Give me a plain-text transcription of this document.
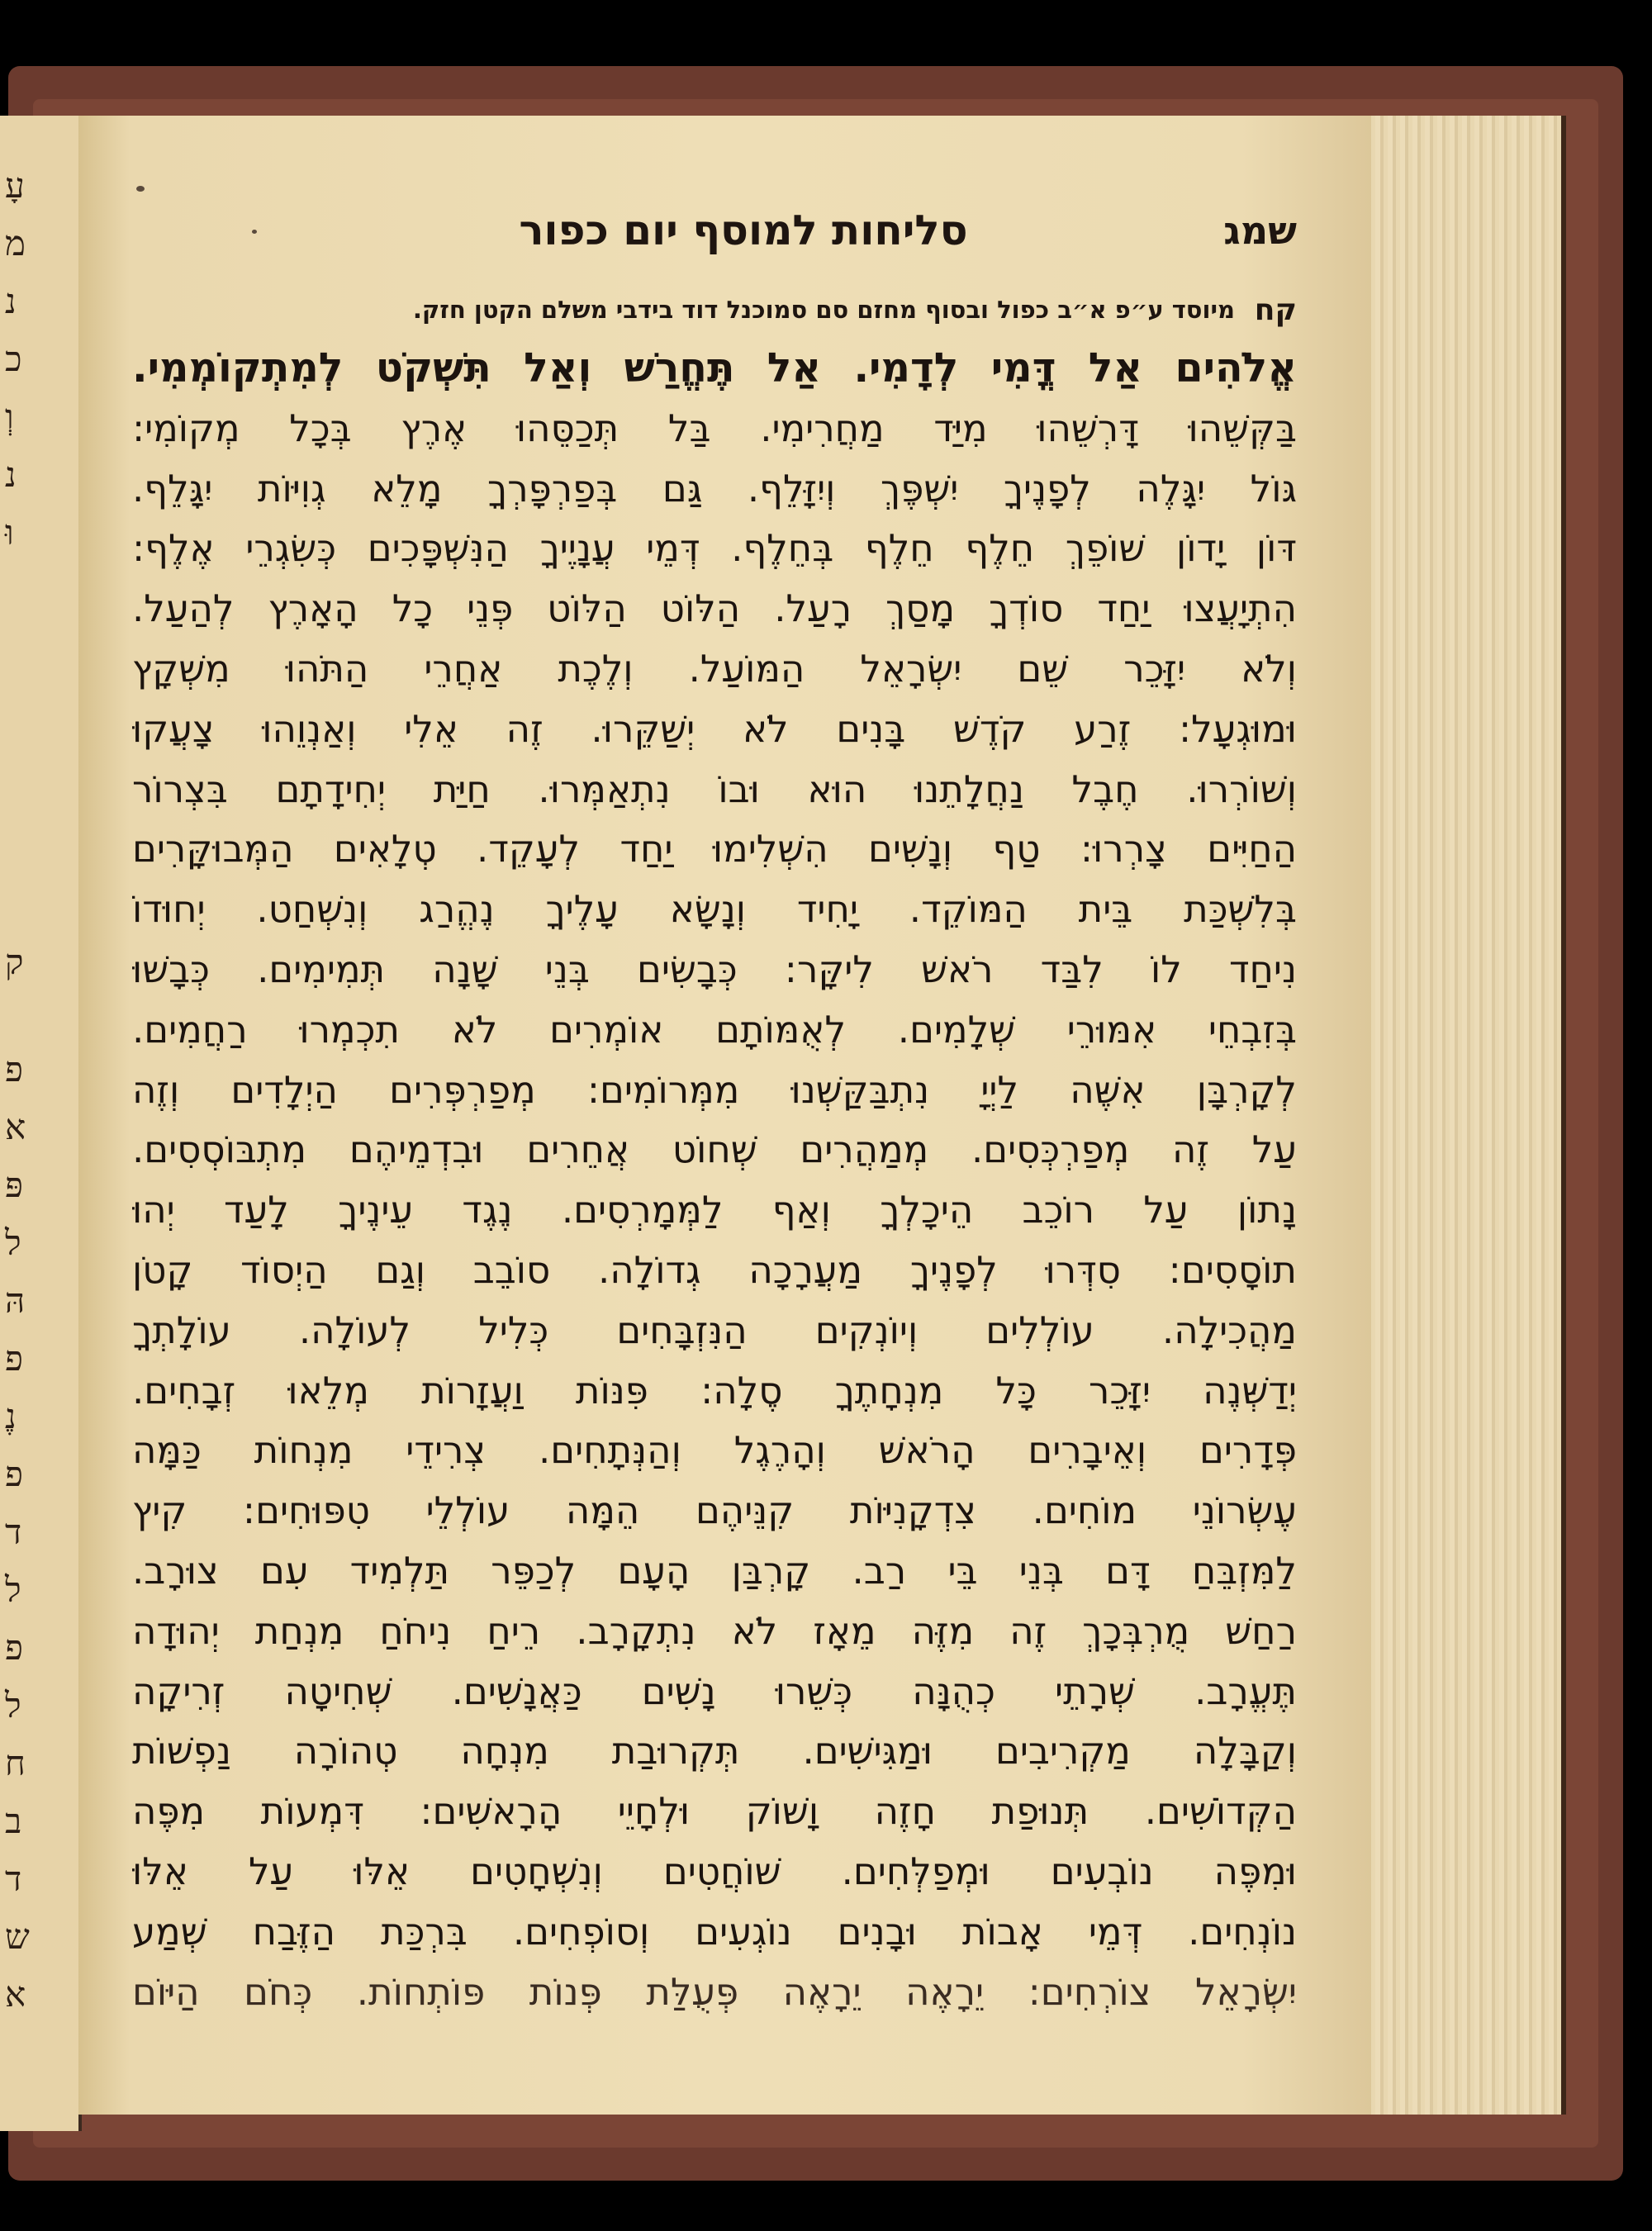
עָ
מ
נ
כ
וְ
נ
וּ
ק
פ
א
פּ
ל
הּ
פ
נֶ
פ
ד
ל
פ
ל
ח
ב
ד
ש
א
סליחות למוסף יום כפור	שמג
קח
מיוסד ע״פ א״ב כפול ובסוף מחזם סם סמוכנל דוד בידבי משלם הקטן חזק.
אֱלֹהִים אַל דֳּמִי לְדָמִי. אַל תֶּחֱרַשׁ וְאַל תִּשְׁקֹט לְמִתְקוֹמְמִי.
בַּקְּשֵׁהוּ דָּרְשֵׁהוּ מִיַּד מַחֲרִימִי. בַּל תְּכַסֵּהוּ אֶרֶץ בְּכָל מְקוֹמִי:
גּוֹל יִגָּלֶה לְפָנֶיךָ יִשְׁפֶּךְ וְיִזָּלֵף. גַּם בְּפַרְפָּרְךָ מָלֵא גְוִיּוֹת יִגָּלֵף.
דּוֹן יָדוֹן שׁוֹפֵךְ חֵלֶף חֵלֶף בְּחֵלֶף. דְּמֵי עֲנָיֶיךָ הַנִּשְׁפָּכִים כְּשִׂגְרֵי אֶלֶף:
הִתְיָעֲצוּ יַחַד סוֹדְךָ מָסַךְ רָעַל. הַלּוֹט הַלּוֹט פְּנֵי כָל הָאָרֶץ לְהַעַל.
וְלֹא יִזָּכֵר שֵׁם יִשְׂרָאֵל הַמּוֹעַל. וְלֶכֶת אַחֲרֵי הַתֹּהוּ מִשְׁקָץ
וּמוּגְעָל: זֶרַע קֹדֶשׁ בָּנִים לֹא יְשַׁקֵּרוּ. זֶה אֵלִי וְאַנְוֵהוּ צָעֲקוּ
וְשׁוֹרְרוּ. חֶבֶל נַחֲלָתֵנוּ הוּא וּבוֹ נִתְאַמְּרוּ. חַיַּת יְחִידָתָם בִּצְרוֹר
הַחַיִּים צָרְרוּ: טַף וְנָשִׁים הִשְׁלִימוּ יַחַד לְעָקֵד. טְלָאִים הַמְּבוּקָּרִים
בְּלִשְׁכַּת בֵּית הַמּוֹקֵד. יָחִיד וְנָשָׂא עָלֶיךָ נֶהֱרַג וְנִשְׁחַט. יְחוּדוֹ
נִיחַד לוֹ לִבַּד רֹאשׁ לִיקָּר: כְּבָשִׂים בְּנֵי שָׁנָה תְּמִימִים. כְּבָשׁוּ
בְּזִבְחֵי אִמּוּרֵי שְׁלָמִים. לְאֻמּוֹתָם אוֹמְרִים לֹא תִכְמְרוּ רַחֲמִים.
לְקָרְבָּן אִשֶּׁה לַיְיָ נִתְבַּקַּשְׁנוּ מִמְּרוֹמִים: מְפַרְפְּרִים הַיְלָדִים וְזֶה
עַל זֶה מְפַרְכְּסִים. מְמַהֲרִים שְׁחוֹט אֲחֵרִים וּבִדְמֵיהֶם מִתְבּוֹסְסִים.
נָתוֹן עַל רוֹכֵב הֵיכָלְךָ וְאַף לַמְּמָרְסִים. נֶגֶד עֵינֶיךָ לָעַד יְהוּ
תוֹסָסִים: סִדְּרוּ לְפָנֶיךָ מַעֲרָכָה גְדוֹלָה. סוֹבֵב וְגַם הַיְסוֹד קָטֹן
מַהֲכִילָה. עוֹלְלִים וְיוֹנְקִים הַנִּזְבָּחִים כְּלִיל לְעוֹלָה. עוֹלָתְךָ
יְדַשְּׁנֶה יִזָּכֵר כָּל מִנְחָתֶךָ סֶלָה: פִּנּוֹת וַעֲזָרוֹת מְלֵאוּ זְבָחִים.
פְּדָרִים וְאֵיבָרִים הָרֹאשׁ וְהָרֶגֶל וְהַנְּתָחִים. צְרִידֵי מִנְחוֹת כַּמָּה
עֶשְׂרוֹנֵי מוֹחִים. צִדְקָנִיּוֹת קִנֵּיהֶם הֵמָּה עוֹלְלֵי טִפּוּחִים: קִיץ
לַמִּזְבֵּחַ דָּם בְּנֵי בֵּי רַב. קָרְבַּן הָעָם לְכַפֵּר תַּלְמִיד עִם צוּרָב.
רַחַשׁ מֻרְבְּכָךְ זֶה מִזֶּה מֵאָז לֹא נִתְקָרָב. רֵיחַ נִיחֹחַ מִנְחַת יְהוּדָה
תֶּעֱרָב. שְׁרָתֵי כְהֻנָּה כְּשֵׁרוּ נָשִׁים כַּאֲנָשִׁים. שְׁחִיטָה זְרִיקָה
וְקַבָּלָה מַקְרִיבִים וּמַגִּישִׁים. תְּקְרוּבַת מִנְחָה טְהוֹרָה נַפְשׁוֹת
הַקְּדוֹשִׁים. תְּנוּפַת חָזֶה וָשׁוֹק וּלְחָיֵי הָרָאשִׁים: דִּמְעוֹת מִפֶּה
וּמִפֶּה נוֹבְעִים וּמְפַלְּחִים. שׁוֹחֲטִים וְנִשְׁחָטִים אֵלּוּ עַל אֵלּוּ
נוֹנְחִים. דְּמֵי אָבוֹת וּבָנִים נוֹגְעִים וְסוֹפְחִים. בִּרְכַּת הַזֶּבַח שְׁמַע
יִשְׂרָאֵל צוֹרְחִים: יֵרָאֶה יֵרָאֶה פְּעֻלַּת פְּנוֹת פּוֹתְחוֹת. כְּחֹם הַיּוֹם
